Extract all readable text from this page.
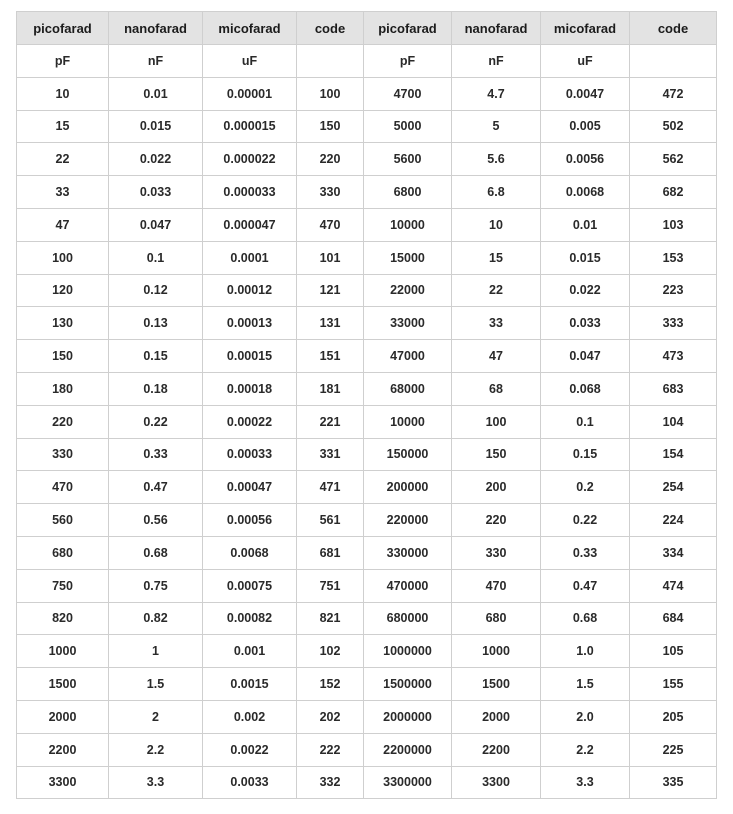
picofarad	nanofarad	micofarad	code	picofarad	nanofarad	micofarad	code
pF	nF	uF		pF	nF	uF	
10	0.01	0.00001	100	4700	4.7	0.0047	472
15	0.015	0.000015	150	5000	5	0.005	502
22	0.022	0.000022	220	5600	5.6	0.0056	562
33	0.033	0.000033	330	6800	6.8	0.0068	682
47	0.047	0.000047	470	10000	10	0.01	103
100	0.1	0.0001	101	15000	15	0.015	153
120	0.12	0.00012	121	22000	22	0.022	223
130	0.13	0.00013	131	33000	33	0.033	333
150	0.15	0.00015	151	47000	47	0.047	473
180	0.18	0.00018	181	68000	68	0.068	683
220	0.22	0.00022	221	10000	100	0.1	104
330	0.33	0.00033	331	150000	150	0.15	154
470	0.47	0.00047	471	200000	200	0.2	254
560	0.56	0.00056	561	220000	220	0.22	224
680	0.68	0.0068	681	330000	330	0.33	334
750	0.75	0.00075	751	470000	470	0.47	474
820	0.82	0.00082	821	680000	680	0.68	684
1000	1	0.001	102	1000000	1000	1.0	105
1500	1.5	0.0015	152	1500000	1500	1.5	155
2000	2	0.002	202	2000000	2000	2.0	205
2200	2.2	0.0022	222	2200000	2200	2.2	225
3300	3.3	0.0033	332	3300000	3300	3.3	335
